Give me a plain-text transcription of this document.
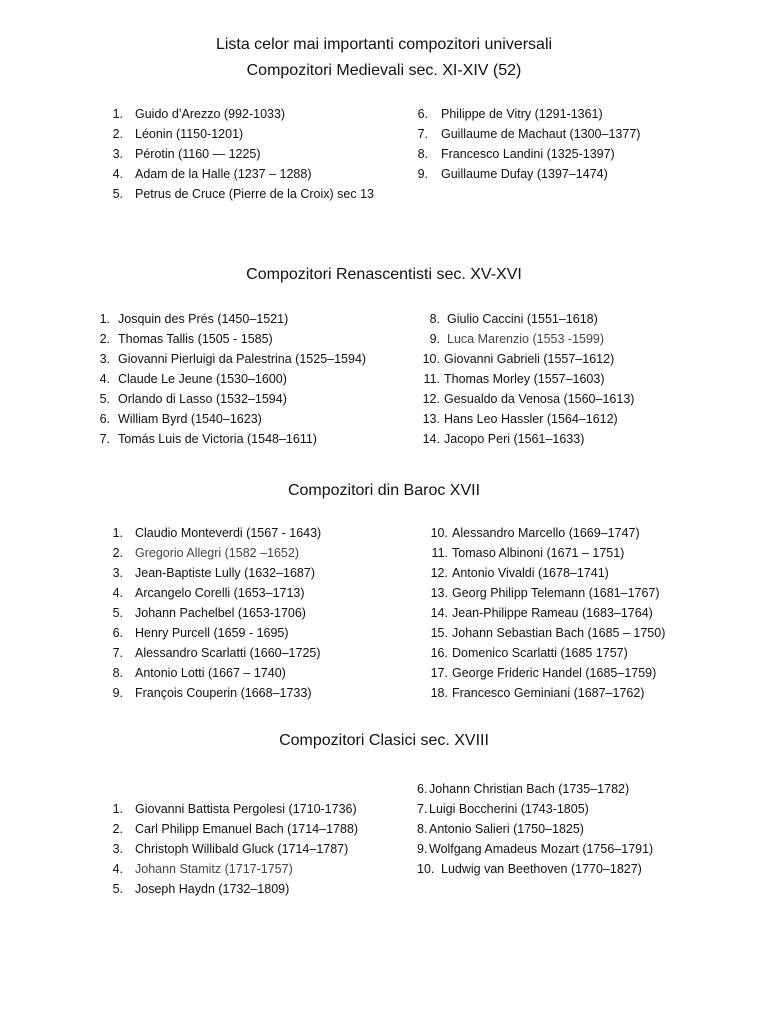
Lista celor mai importanti compozitori universali
Compozitori Medievali sec. XI-XIV (52)
1. Guido d’Arezzo (992-1033)
2. Léonin (1150-1201)
3. Pérotin (1160 — 1225)
4. Adam de la Halle (1237 – 1288)
5. Petrus de Cruce (Pierre de la Croix) sec 13
6. Philippe de Vitry (1291-1361)
7. Guillaume de Machaut (1300–1377)
8. Francesco Landini (1325-1397)
9. Guillaume Dufay (1397–1474)
Compozitori Renascentisti sec. XV-XVI
1. Josquin des Prés (1450–1521)
2. Thomas Tallis (1505 - 1585)
3. Giovanni Pierluigi da Palestrina (1525–1594)
4. Claude Le Jeune (1530–1600)
5. Orlando di Lasso (1532–1594)
6. William Byrd (1540–1623)
7. Tomás Luis de Victoria (1548–1611)
8. Giulio Caccini (1551–1618)
9. Luca Marenzio (1553 -1599)
10. Giovanni Gabrieli (1557–1612)
11. Thomas Morley (1557–1603)
12. Gesualdo da Venosa (1560–1613)
13. Hans Leo Hassler (1564–1612)
14. Jacopo Peri (1561–1633)
Compozitori din Baroc XVII
1. Claudio Monteverdi (1567 - 1643)
2. Gregorio Allegri (1582 –1652)
3. Jean-Baptiste Lully (1632–1687)
4. Arcangelo Corelli (1653–1713)
5. Johann Pachelbel (1653-1706)
6. Henry Purcell (1659 - 1695)
7. Alessandro Scarlatti (1660–1725)
8. Antonio Lotti (1667 – 1740)
9. François Couperin (1668–1733)
10. Alessandro Marcello (1669–1747)
11. Tomaso Albinoni (1671 – 1751)
12. Antonio Vivaldi (1678–1741)
13. Georg Philipp Telemann (1681–1767)
14. Jean-Philippe Rameau (1683–1764)
15. Johann Sebastian Bach (1685 – 1750)
16. Domenico Scarlatti (1685 1757)
17. George Frideric Handel (1685–1759)
18. Francesco Geminiani (1687–1762)
Compozitori Clasici sec. XVIII
1. Giovanni Battista Pergolesi (1710-1736)
2. Carl Philipp Emanuel Bach (1714–1788)
3. Christoph Willibald Gluck (1714–1787)
4. Johann Stamitz (1717-1757)
5. Joseph Haydn (1732–1809)
6. Johann Christian Bach (1735–1782)
7. Luigi Boccherini (1743-1805)
8. Antonio Salieri (1750–1825)
9. Wolfgang Amadeus Mozart (1756–1791)
10. Ludwig van Beethoven (1770–1827)
